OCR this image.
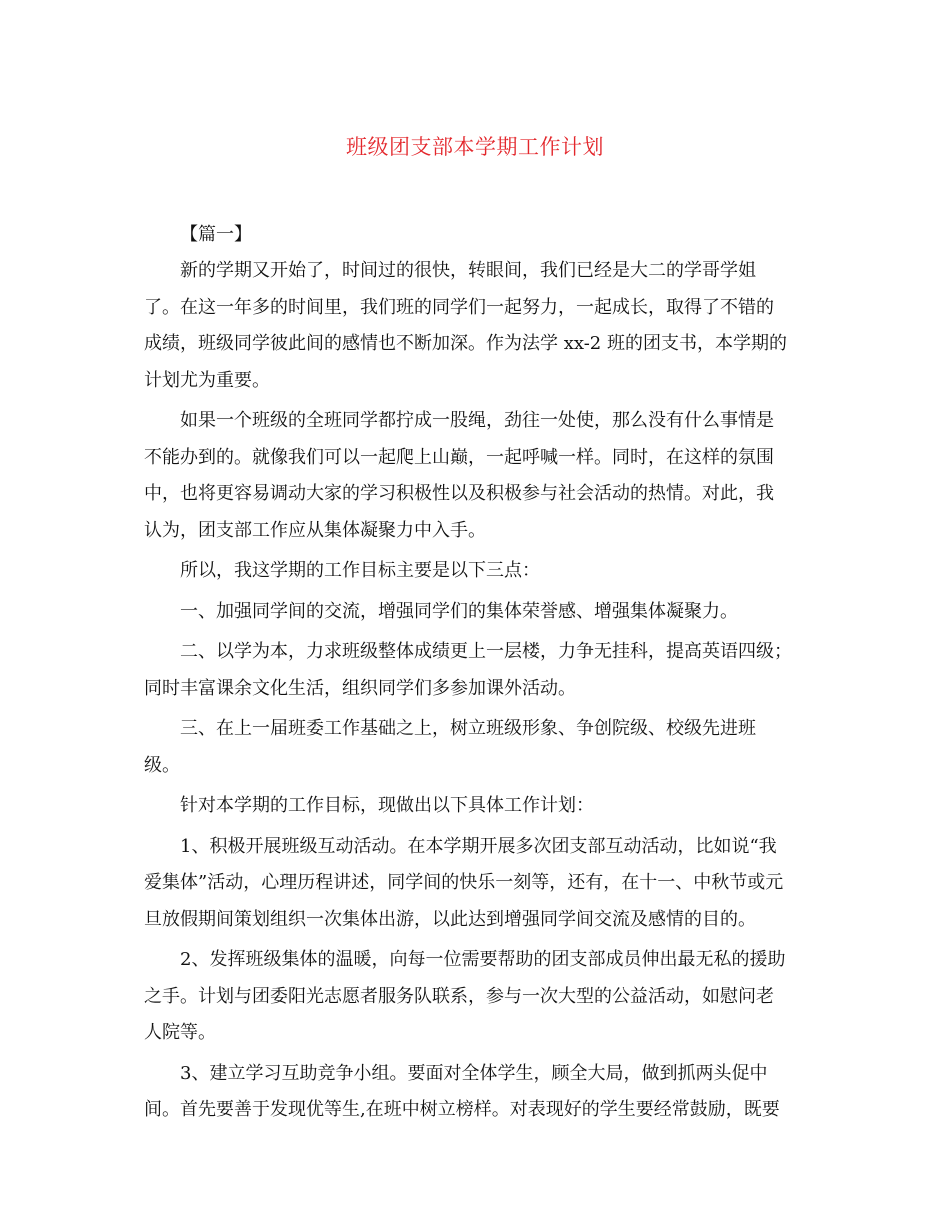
班级团支部本学期工作计划
【篇一】
新的学期又开始了，时间过的很快，转眼间，我们已经是大二的学哥学姐
了。在这一年多的时间里，我们班的同学们一起努力，一起成长，取得了不错的
成绩，班级同学彼此间的感情也不断加深。作为法学 xx-2 班的团支书，本学期的
计划尤为重要。
如果一个班级的全班同学都拧成一股绳，劲往一处使，那么没有什么事情是
不能办到的。就像我们可以一起爬上山巅，一起呼喊一样。同时，在这样的氛围
中，也将更容易调动大家的学习积极性以及积极参与社会活动的热情。对此，我
认为，团支部工作应从集体凝聚力中入手。
所以，我这学期的工作目标主要是以下三点：
一、加强同学间的交流，增强同学们的集体荣誉感、增强集体凝聚力。
二、以学为本，力求班级整体成绩更上一层楼，力争无挂科，提高英语四级；
同时丰富课余文化生活，组织同学们多参加课外活动。
三、在上一届班委工作基础之上，树立班级形象、争创院级、校级先进班
级。
针对本学期的工作目标，现做出以下具体工作计划：
1、积极开展班级互动活动。在本学期开展多次团支部互动活动，比如说“我
爱集体”活动，心理历程讲述，同学间的快乐一刻等，还有，在十一、中秋节或元
旦放假期间策划组织一次集体出游，以此达到增强同学间交流及感情的目的。
2、发挥班级集体的温暖，向每一位需要帮助的团支部成员伸出最无私的援助
之手。计划与团委阳光志愿者服务队联系，参与一次大型的公益活动，如慰问老
人院等。
3、建立学习互助竞争小组。要面对全体学生，顾全大局，做到抓两头促中
间。首先要善于发现优等生,在班中树立榜样。对表现好的学生要经常鼓励，既要
